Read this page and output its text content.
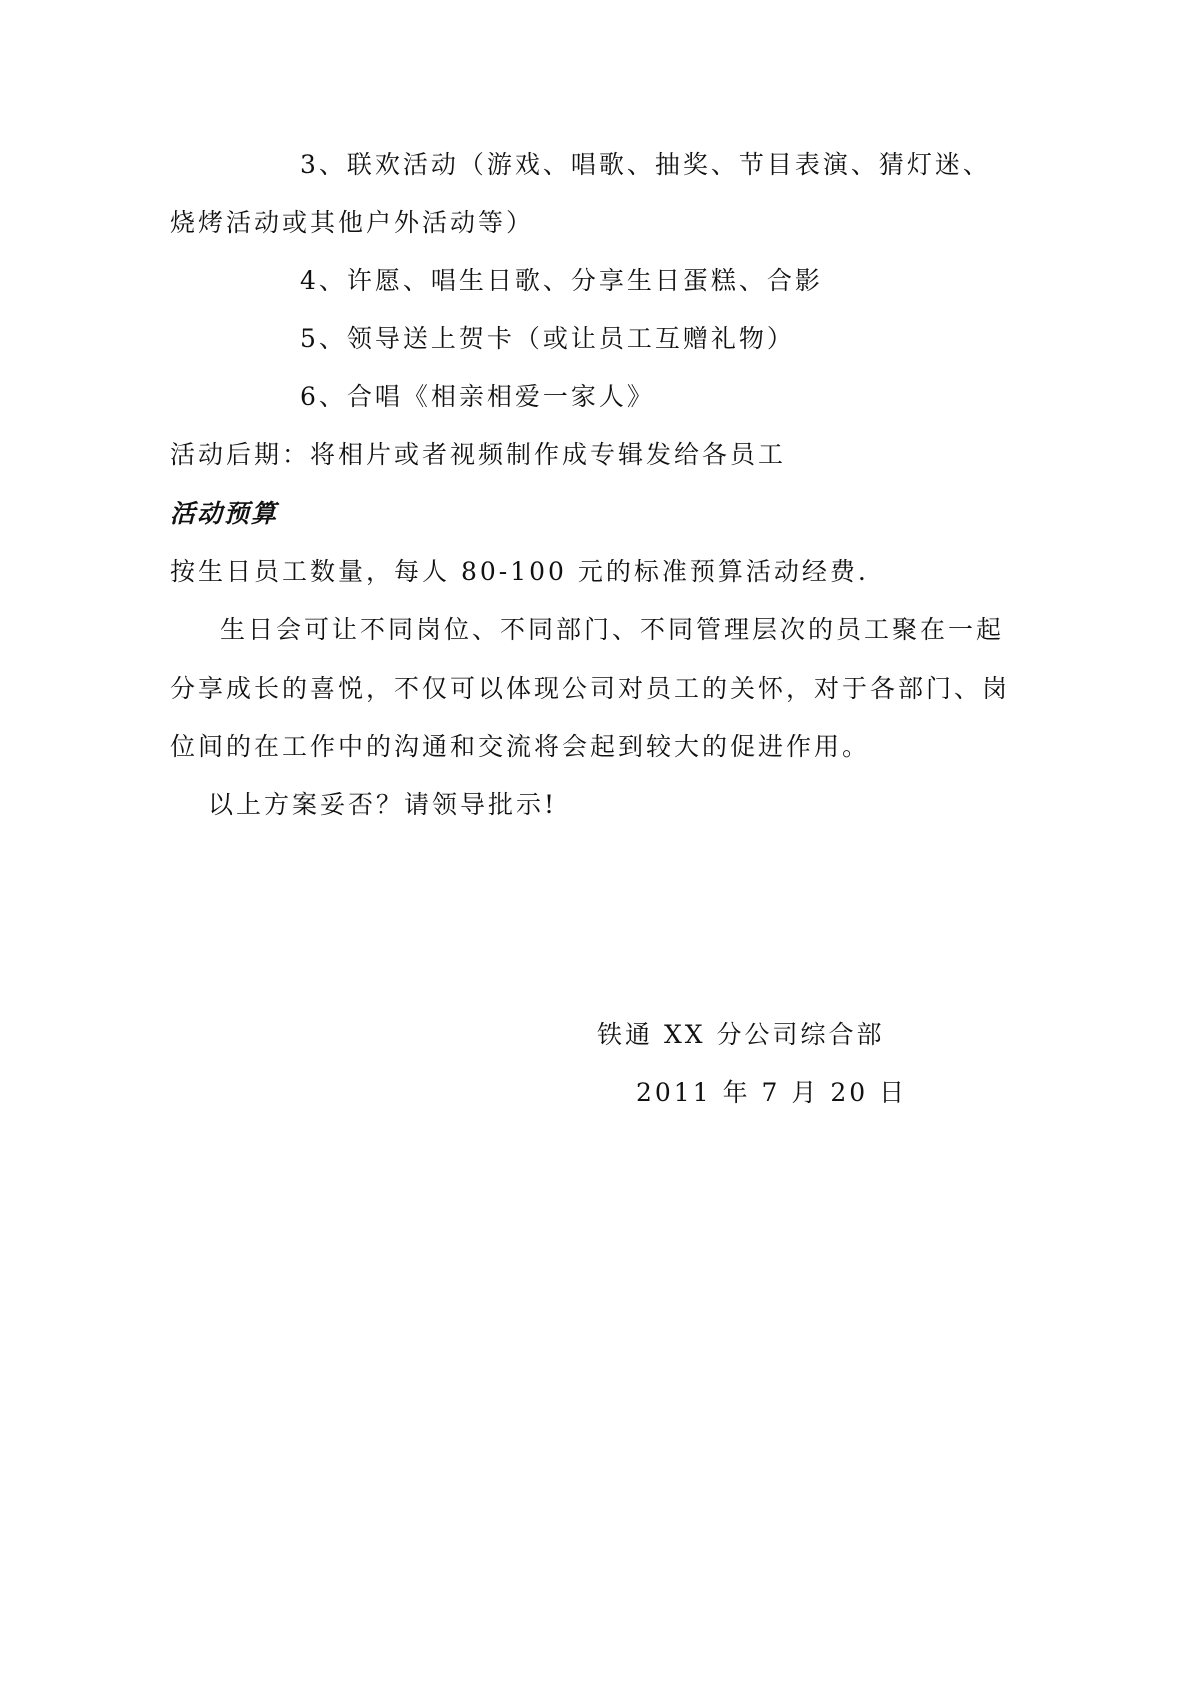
3、联欢活动（游戏、唱歌、抽奖、节目表演、猜灯迷、
烧烤活动或其他户外活动等）
4、许愿、唱生日歌、分享生日蛋糕、合影
5、领导送上贺卡（或让员工互赠礼物）
6、合唱《相亲相爱一家人》
活动后期：将相片或者视频制作成专辑发给各员工
活动预算
按生日员工数量，每人 80-100 元的标准预算活动经费.
生日会可让不同岗位、不同部门、不同管理层次的员工聚在一起
分享成长的喜悦，不仅可以体现公司对员工的关怀，对于各部门、岗
位间的在工作中的沟通和交流将会起到较大的促进作用。
以上方案妥否？请领导批示!
铁通 XX 分公司综合部
2011 年 7 月 20 日
